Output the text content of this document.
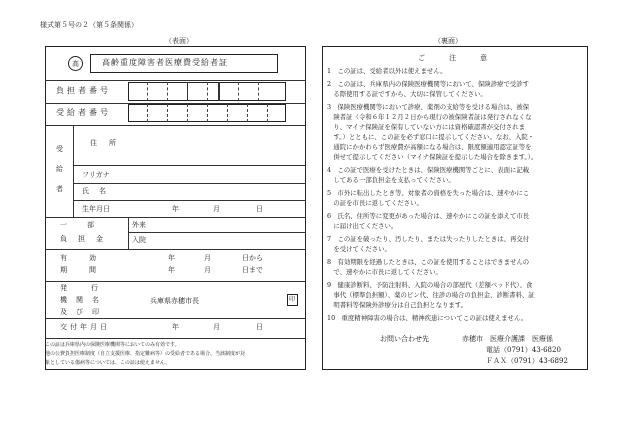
様式第５号の２（第５条関係）
（表面）
高	高齢重度障害者医療費受給者証
負担者番号
受給者番号
受
給
者
住所
フリガナ
氏名
生年月日	年	月	日
一部
負担金
外来
入院
有効
期間
年	月	日から
年	月	日まで
発行
機関名
及び印
兵庫県赤穂市長	印
交付年月日	年	月	日
この証は兵庫県内の保険医療機関等においてのみ有効です。
他の公費負担医療制度（自立支援医療、指定難病等）の受給者である場合、当該制度が対
象としている傷病等については、この証は使えません。
（裏面）
ご注意
1　この証は、受給者以外は使えません。
2　この証は、兵庫県内の保険医療機関等において、保険診療で受診す
　る際使用する証ですから、大切に保管してください。
3　保険医療機関等において診療、薬剤の支給等を受ける場合は、被保
　険者証（令和６年１２月２日から現行の被保険者証は発行されなくな
　り、マイナ保険証を保有していない方には資格確認書が交付されま
　す。）とともに、この証を必ず窓口に提示してください。なお、入院・
　通院にかかわらず医療費が高額になる場合は、限度額適用認定証等を
　併せて提示してください（マイナ保険証を提示した場合を除きます。）。
4　この証で医療を受けたときは、保険医療機関等ごとに、表面に記載
　してある一部負担金を支払ってください。
5　市外に転出したとき等、対象者の資格を失った場合は、速やかにこ
　の証を市長に返してください。
6　氏名、住所等に変更があった場合は、速やかにこの証を添えて市長
　に届け出てください。
7　この証を破ったり、汚したり、または失ったりしたときは、再交付
　を受けてください。
8　有効期限を経過したときは、この証を使用することはできませんの
　で、速やかに市長に返してください。
9　健康診断料、予防注射料、入院の場合の部屋代（差額ベッド代）、食
　事代（標準負担額）、薬のビン代、往診の場合の負担金、診断書料、証
　明書料等保険外診療分は自己負担となります。
10　重度精神障害の場合は、精神疾患についてこの証は使えません。
お問い合わせ先	赤穂市　医療介護課　医療係
電話（0791）43-6820
ＦＡＸ（0791）43-6892
